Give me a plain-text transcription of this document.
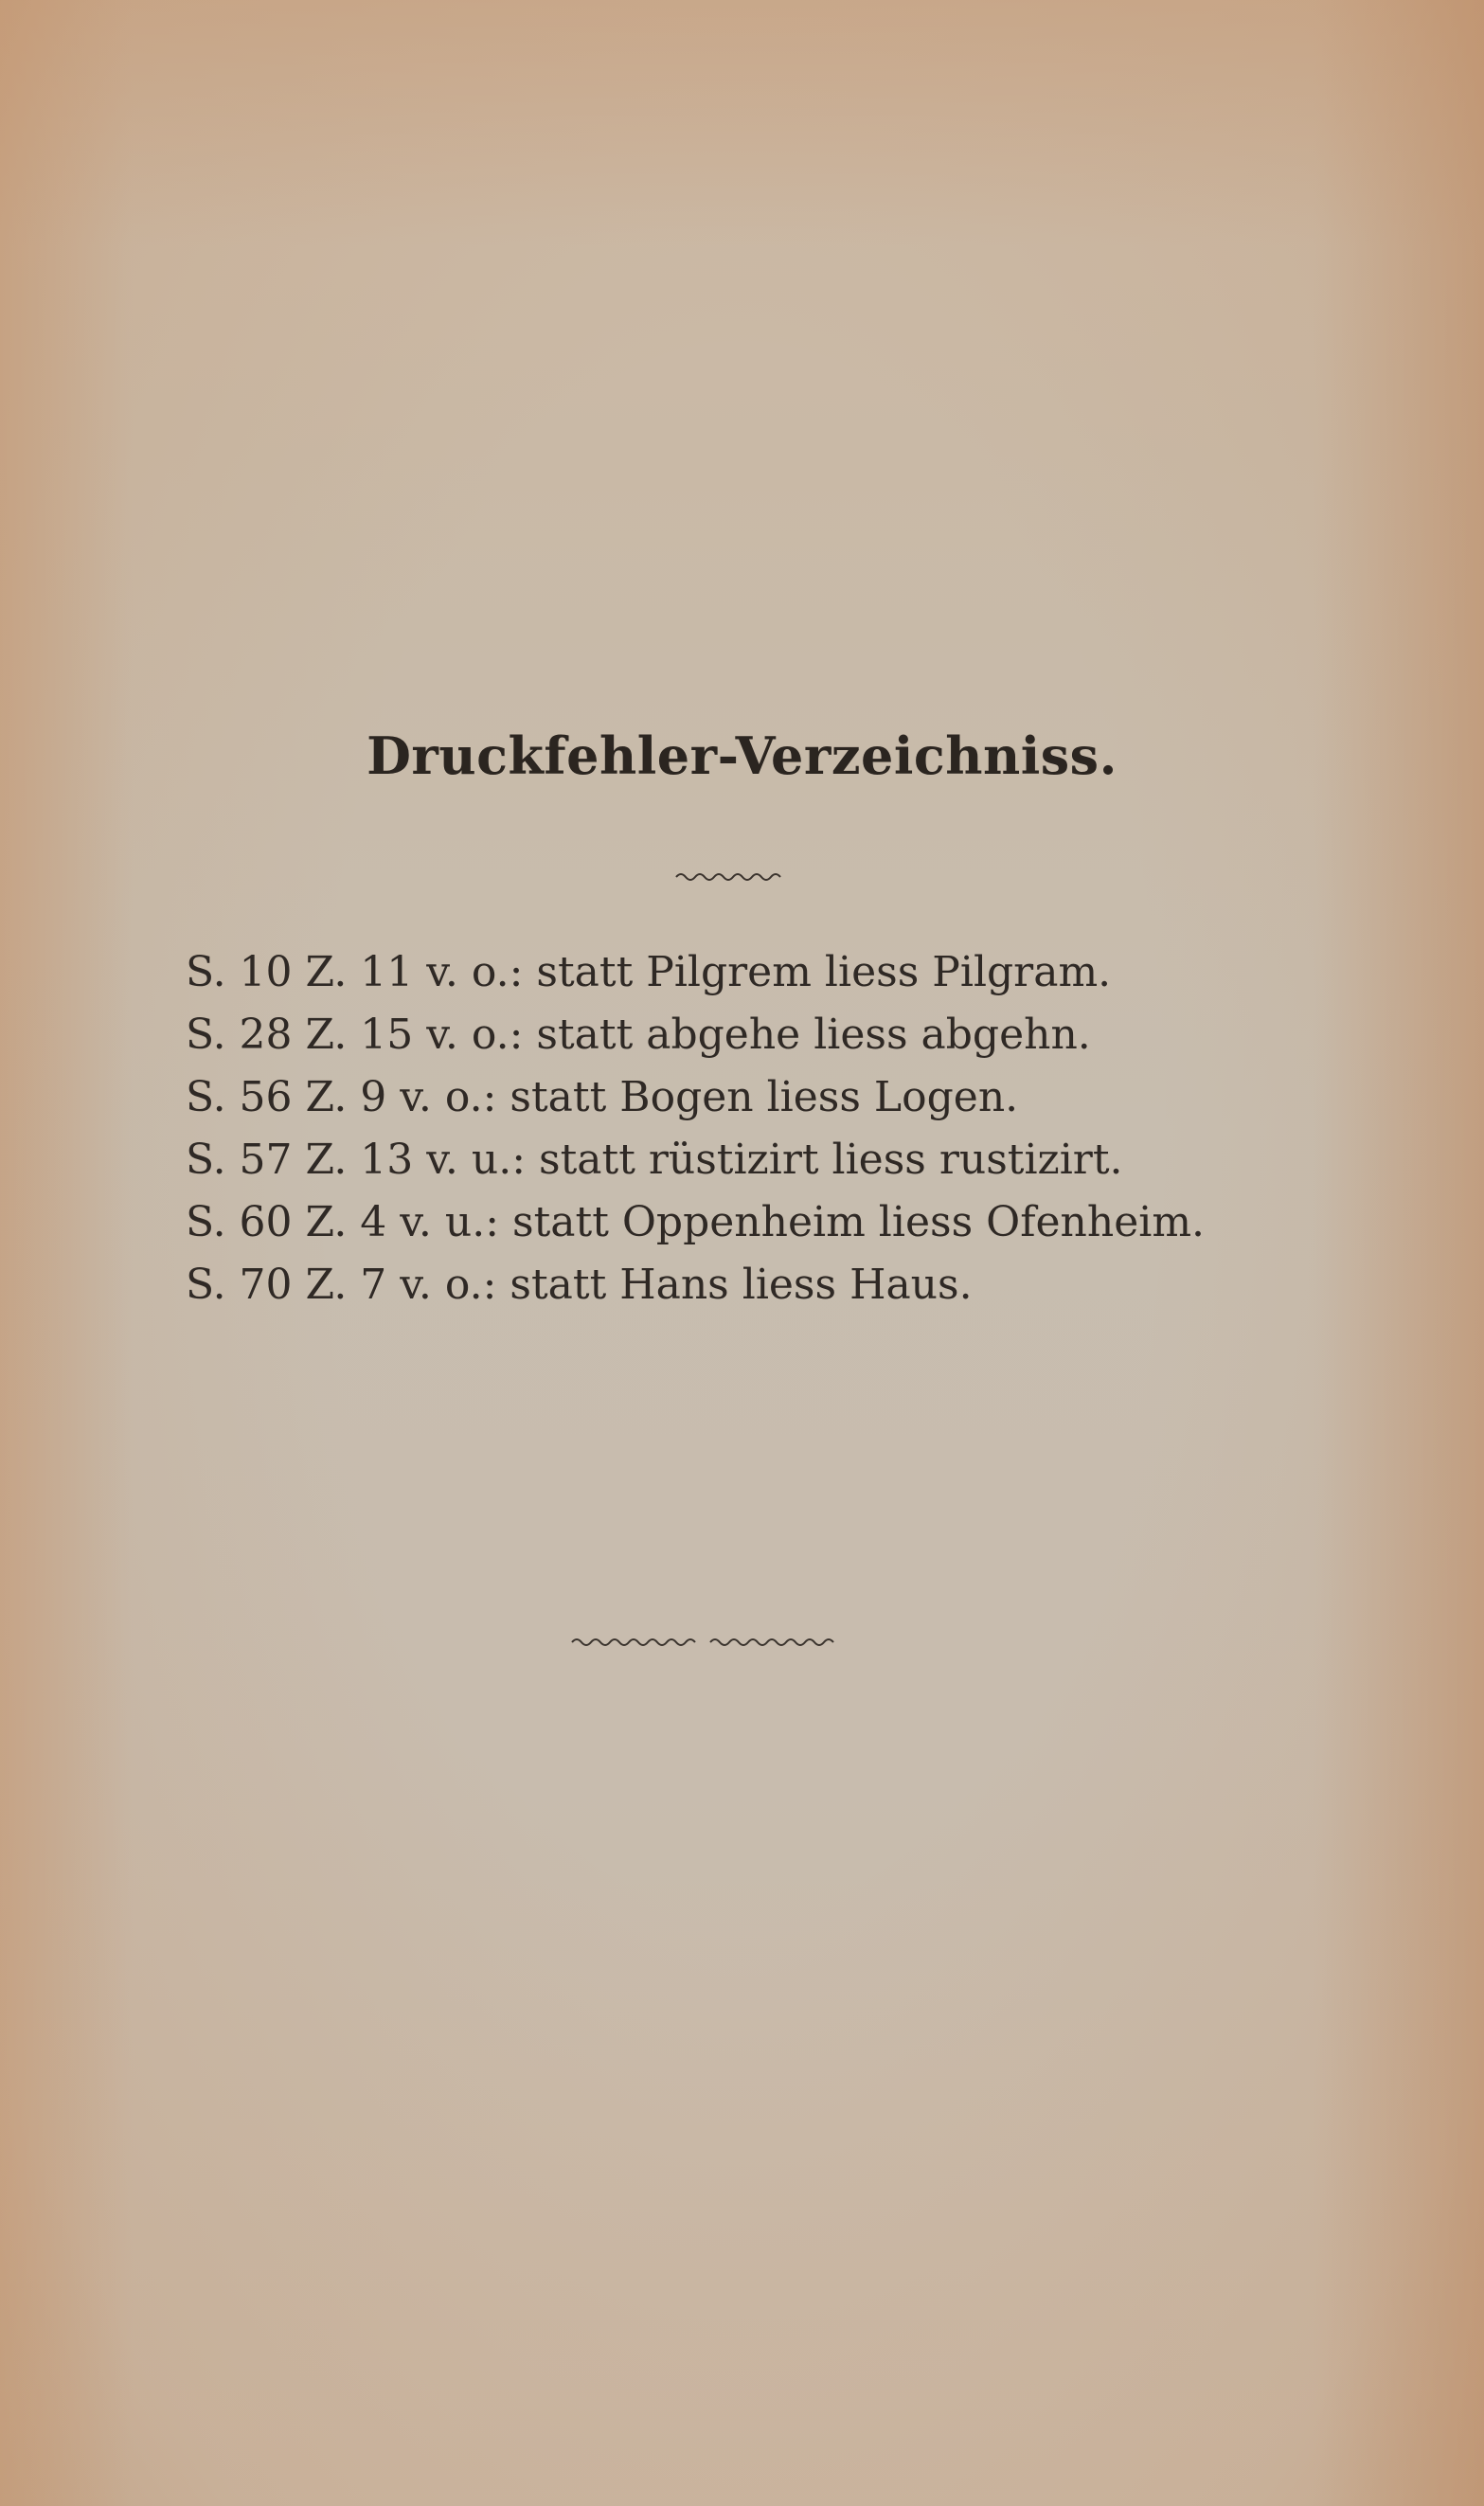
Druckfehler-Verzeichniss.
S. 10 Z. 11 v. o.: statt Pilgrem liess Pilgram.
S. 28 Z. 15 v. o.: statt abgehe liess abgehn.
S. 56 Z. 9 v. o.: statt Bogen liess Logen.
S. 57 Z. 13 v. u.: statt rüstizirt liess rustizirt.
S. 60 Z. 4 v. u.: statt Oppenheim liess Ofenheim.
S. 70 Z. 7 v. o.: statt Hans liess Haus.
